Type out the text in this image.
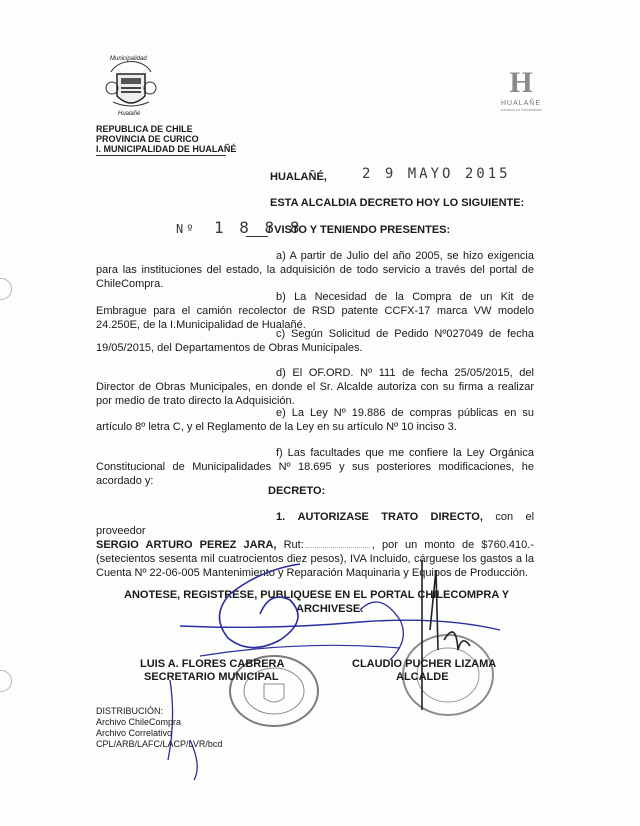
Municipalidad
Hualañé
REPUBLICA DE CHILE
PROVINCIA DE CURICO
I. MUNICIPALIDAD DE HUALAÑÉ
H
HUALAÑE
comuna en movimiento
HUALAÑÉ,	2 9 MAYO 2015
ESTA ALCALDIA DECRETO HOY LO SIGUIENTE:
Nº 1 8 8 8
/ VISTO Y TENIENDO PRESENTES:
a) A partir de Julio del año 2005, se hizo exigencia para las instituciones del estado, la adquisición de todo servicio a través del portal de ChileCompra.
b) La Necesidad de la Compra de un Kit de Embrague para el camión recolector de RSD patente CCFX-17 marca VW modelo 24.250E, de la I.Municipalidad de Hualañé.
c) Según Solicitud de Pedido Nº027049 de fecha 19/05/2015, del Departamentos de Obras Municipales.
d) El OF.ORD. Nº 111 de fecha 25/05/2015, del Director de Obras Municipales, en donde el Sr. Alcalde autoriza con su firma a realizar por medio de trato directo la Adquisición.
e) La Ley Nº 19.886 de compras públicas en su artículo 8º letra C, y el Reglamento de la Ley en su artículo Nº 10 inciso 3.
f) Las facultades que me confiere la Ley Orgánica Constitucional de Municipalidades Nº 18.695 y sus posteriores modificaciones, he acordado y:
DECRETO:
1. AUTORIZASE TRATO DIRECTO, con el proveedor
SERGIO ARTURO PEREZ JARA, Rut:	, por un monto de $760.410.- (setecientos sesenta mil cuatrocientos diez pesos), IVA Incluido, cárguese los gastos a la Cuenta Nº 22-06-005 Mantenimiento y Reparación Maquinaria y Equipos de Producción.
ANOTESE, REGISTRESE, PUBLIQUESE EN EL PORTAL CHILECOMPRA Y
ARCHIVESE.
LUIS A. FLORES CABRERA
SECRETARIO MUNICIPAL
CLAUDIO PUCHER LIZAMA
ALCALDE
DISTRIBUCIÓN:
Archivo ChileCompra
Archivo Correlativo
CPL/ARB/LAFC/LACP/LVR/bcd
